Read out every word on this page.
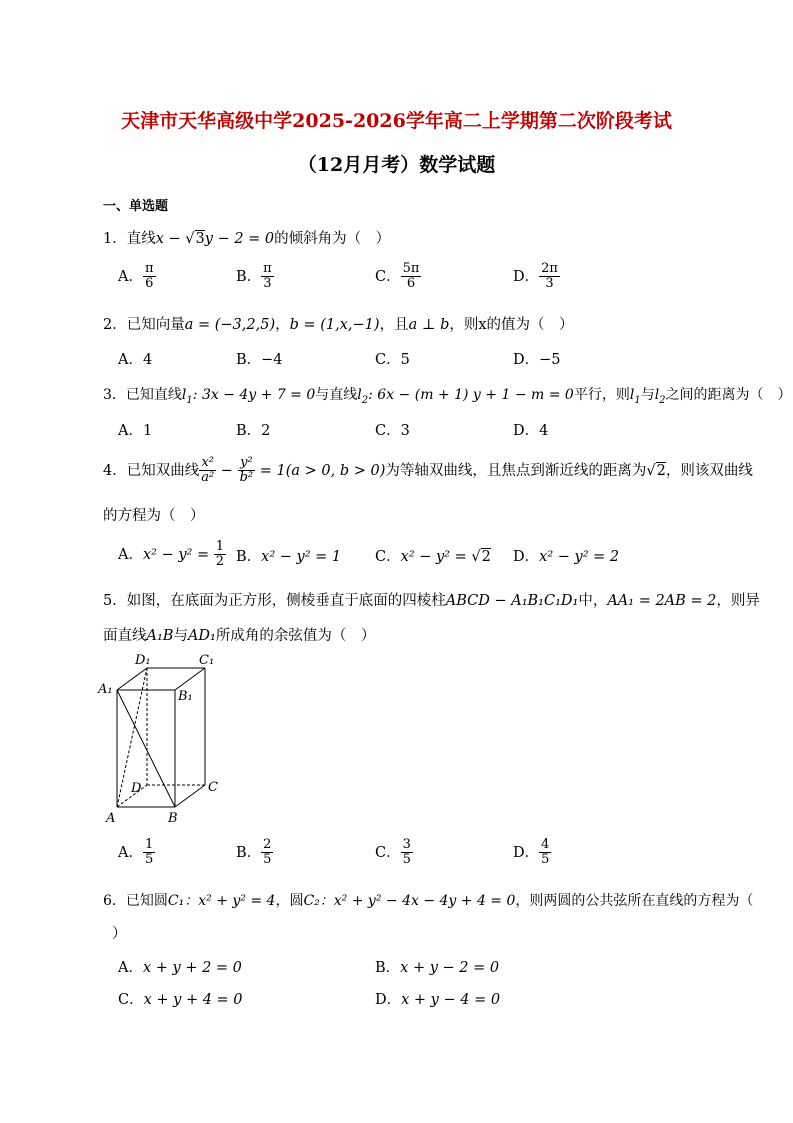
天津市天华高级中学2025-2026学年高二上学期第二次阶段考试
（12月月考）数学试题
一、单选题
1．直线x − √3y − 2 = 0的倾斜角为（　）
A． $\frac{\pi}{6}$	B． $\frac{\pi}{3}$	C． $\frac{5\pi}{6}$	D． $\frac{2\pi}{3}$
2．已知向量a = (−3,2,5)，b = (1,x,−1)，且a ⊥ b，则x的值为（　）
A．4	B．−4	C．5	D．−5
3．已知直线$l_1$: 3x − 4y + 7 = 0与直线$l_2$: 6x − (m + 1) y + 1 − m = 0平行，则$l_1$与$l_2$之间的距离为（　）
A．1	B．2	C．3	D．4
4．已知双曲线 $\frac{\text{x²}}{\text{a²}} - \frac{\text{y²}}{\text{b²}} = 1(a > 0$, b > 0)为等轴双曲线，且焦点到渐近线的距离为√2，则该双曲线
的方程为（　）
A．$x^2 - y^2 = \frac{1}{2}$ B．x² − y² = 1 C．x² − y² = √2 D．x² − y² = 2
5．如图，在底面为正方形，侧棱垂直于底面的四棱柱ABCD − A₁B₁C₁D₁中，AA₁ = 2AB = 2，则异
面直线A₁B与AD₁所成角的余弦值为（　）
D₁	C₁
A₁	B₁
D	C
A	B
A． $\frac{1}{5}$	B． $\frac{2}{5}$	C． $\frac{3}{5}$	D． $\frac{4}{5}$
6．已知圆C₁：x² + y² = 4，圆C₂：x² + y² − 4x − 4y + 4 = 0，则两圆的公共弦所在直线的方程为（
）
A．x + y + 2 = 0	B．x + y − 2 = 0
C．x + y + 4 = 0	D．x + y − 4 = 0
